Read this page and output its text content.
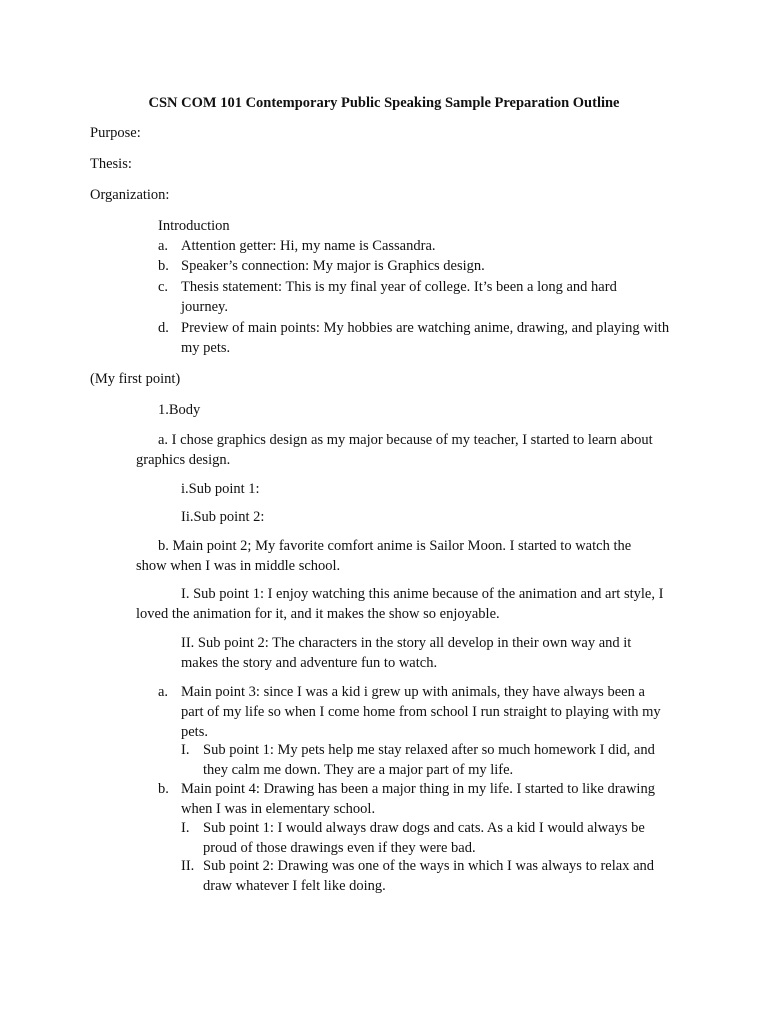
CSN COM 101 Contemporary Public Speaking Sample Preparation Outline
Purpose:
Thesis:
Organization:
Introduction
a. Attention getter: Hi, my name is Cassandra.
b. Speaker’s connection: My major is Graphics design.
c. Thesis statement: This is my final year of college. It’s been a long and hard journey.
d. Preview of main points: My hobbies are watching anime, drawing, and playing with my pets.
(My first point)
1.Body
a. I chose graphics design as my major because of my teacher, I started to learn about graphics design.
i.Sub point 1:
Ii.Sub point 2:
b. Main point 2; My favorite comfort anime is Sailor Moon. I started to watch the show when I was in middle school.
I. Sub point 1: I enjoy watching this anime because of the animation and art style, I loved the animation for it, and it makes the show so enjoyable.
II. Sub point 2: The characters in the story all develop in their own way and it makes the story and adventure fun to watch.
a. Main point 3: since I was a kid i grew up with animals, they have always been a part of my life so when I come home from school I run straight to playing with my pets.
I. Sub point 1: My pets help me stay relaxed after so much homework I did, and they calm me down. They are a major part of my life.
b. Main point 4: Drawing has been a major thing in my life. I started to like drawing when I was in elementary school.
I. Sub point 1: I would always draw dogs and cats. As a kid I would always be proud of those drawings even if they were bad.
II. Sub point 2: Drawing was one of the ways in which I was always to relax and draw whatever I felt like doing.
